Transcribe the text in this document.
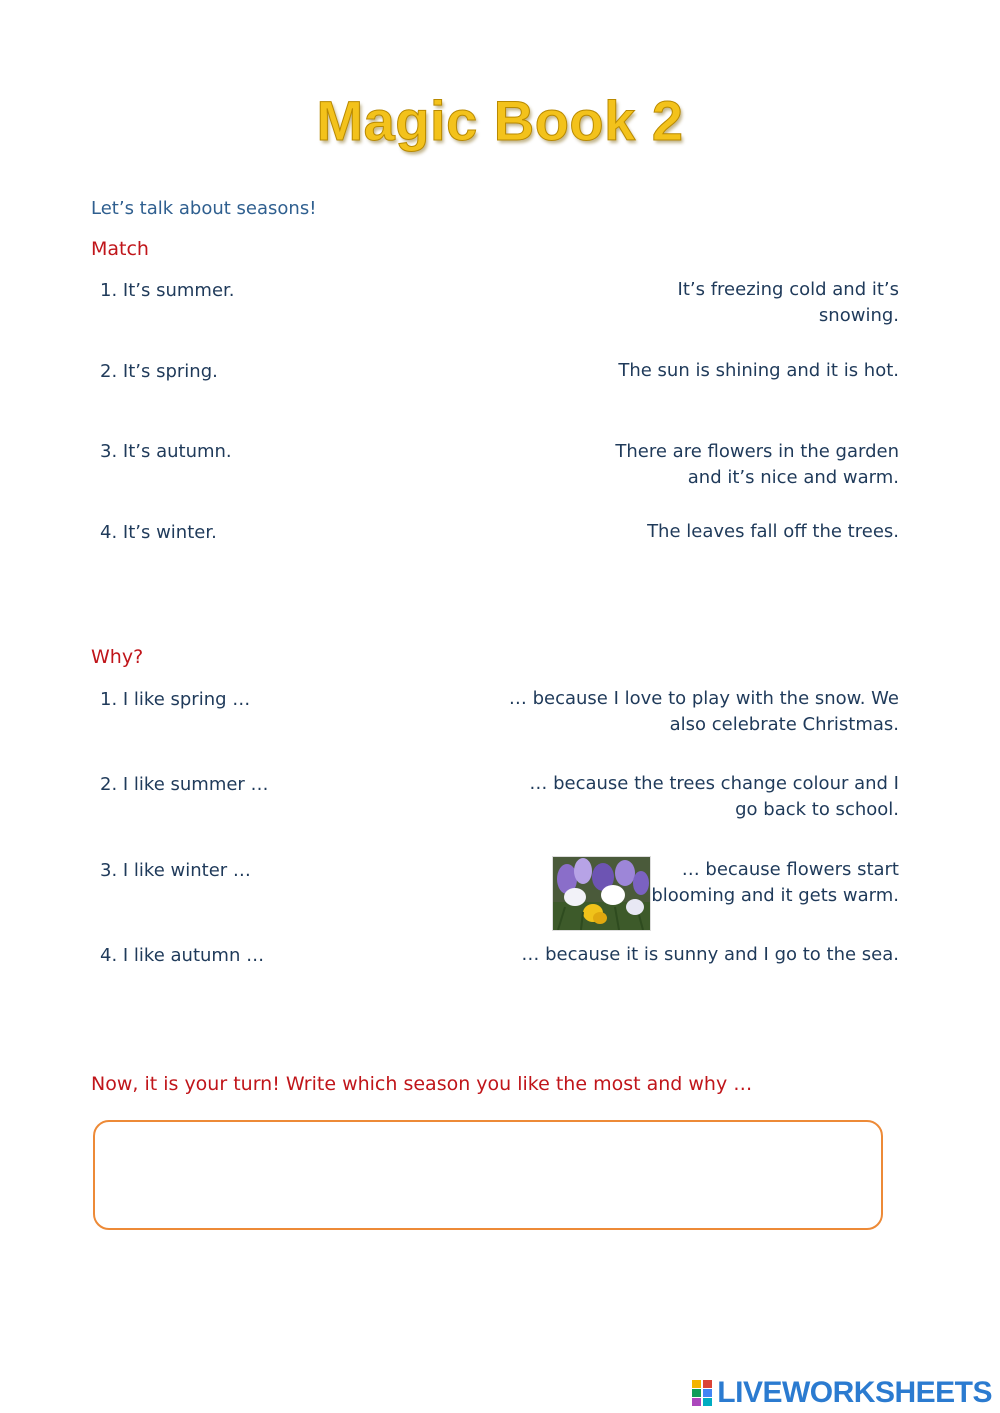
Magic Book 2
Let’s talk about seasons!
Match
1. It’s summer.
2. It’s spring.
3. It’s autumn.
4. It’s winter.
It’s freezing cold and it’s
snowing.
The sun is shining and it is hot.
There are flowers in the garden
and it’s nice and warm.
The leaves fall off the trees.
Why?
1. I like spring …
2. I like summer …
3. I like winter …
4. I like autumn …
… because I love to play with the snow. We
also celebrate Christmas.
… because the trees change colour and I
go back to school.
… because flowers start
blooming and it gets warm.
… because it is sunny and I go to the sea.
Now, it is your turn! Write which season you like the most and why …
LIVEWORKSHEETS
